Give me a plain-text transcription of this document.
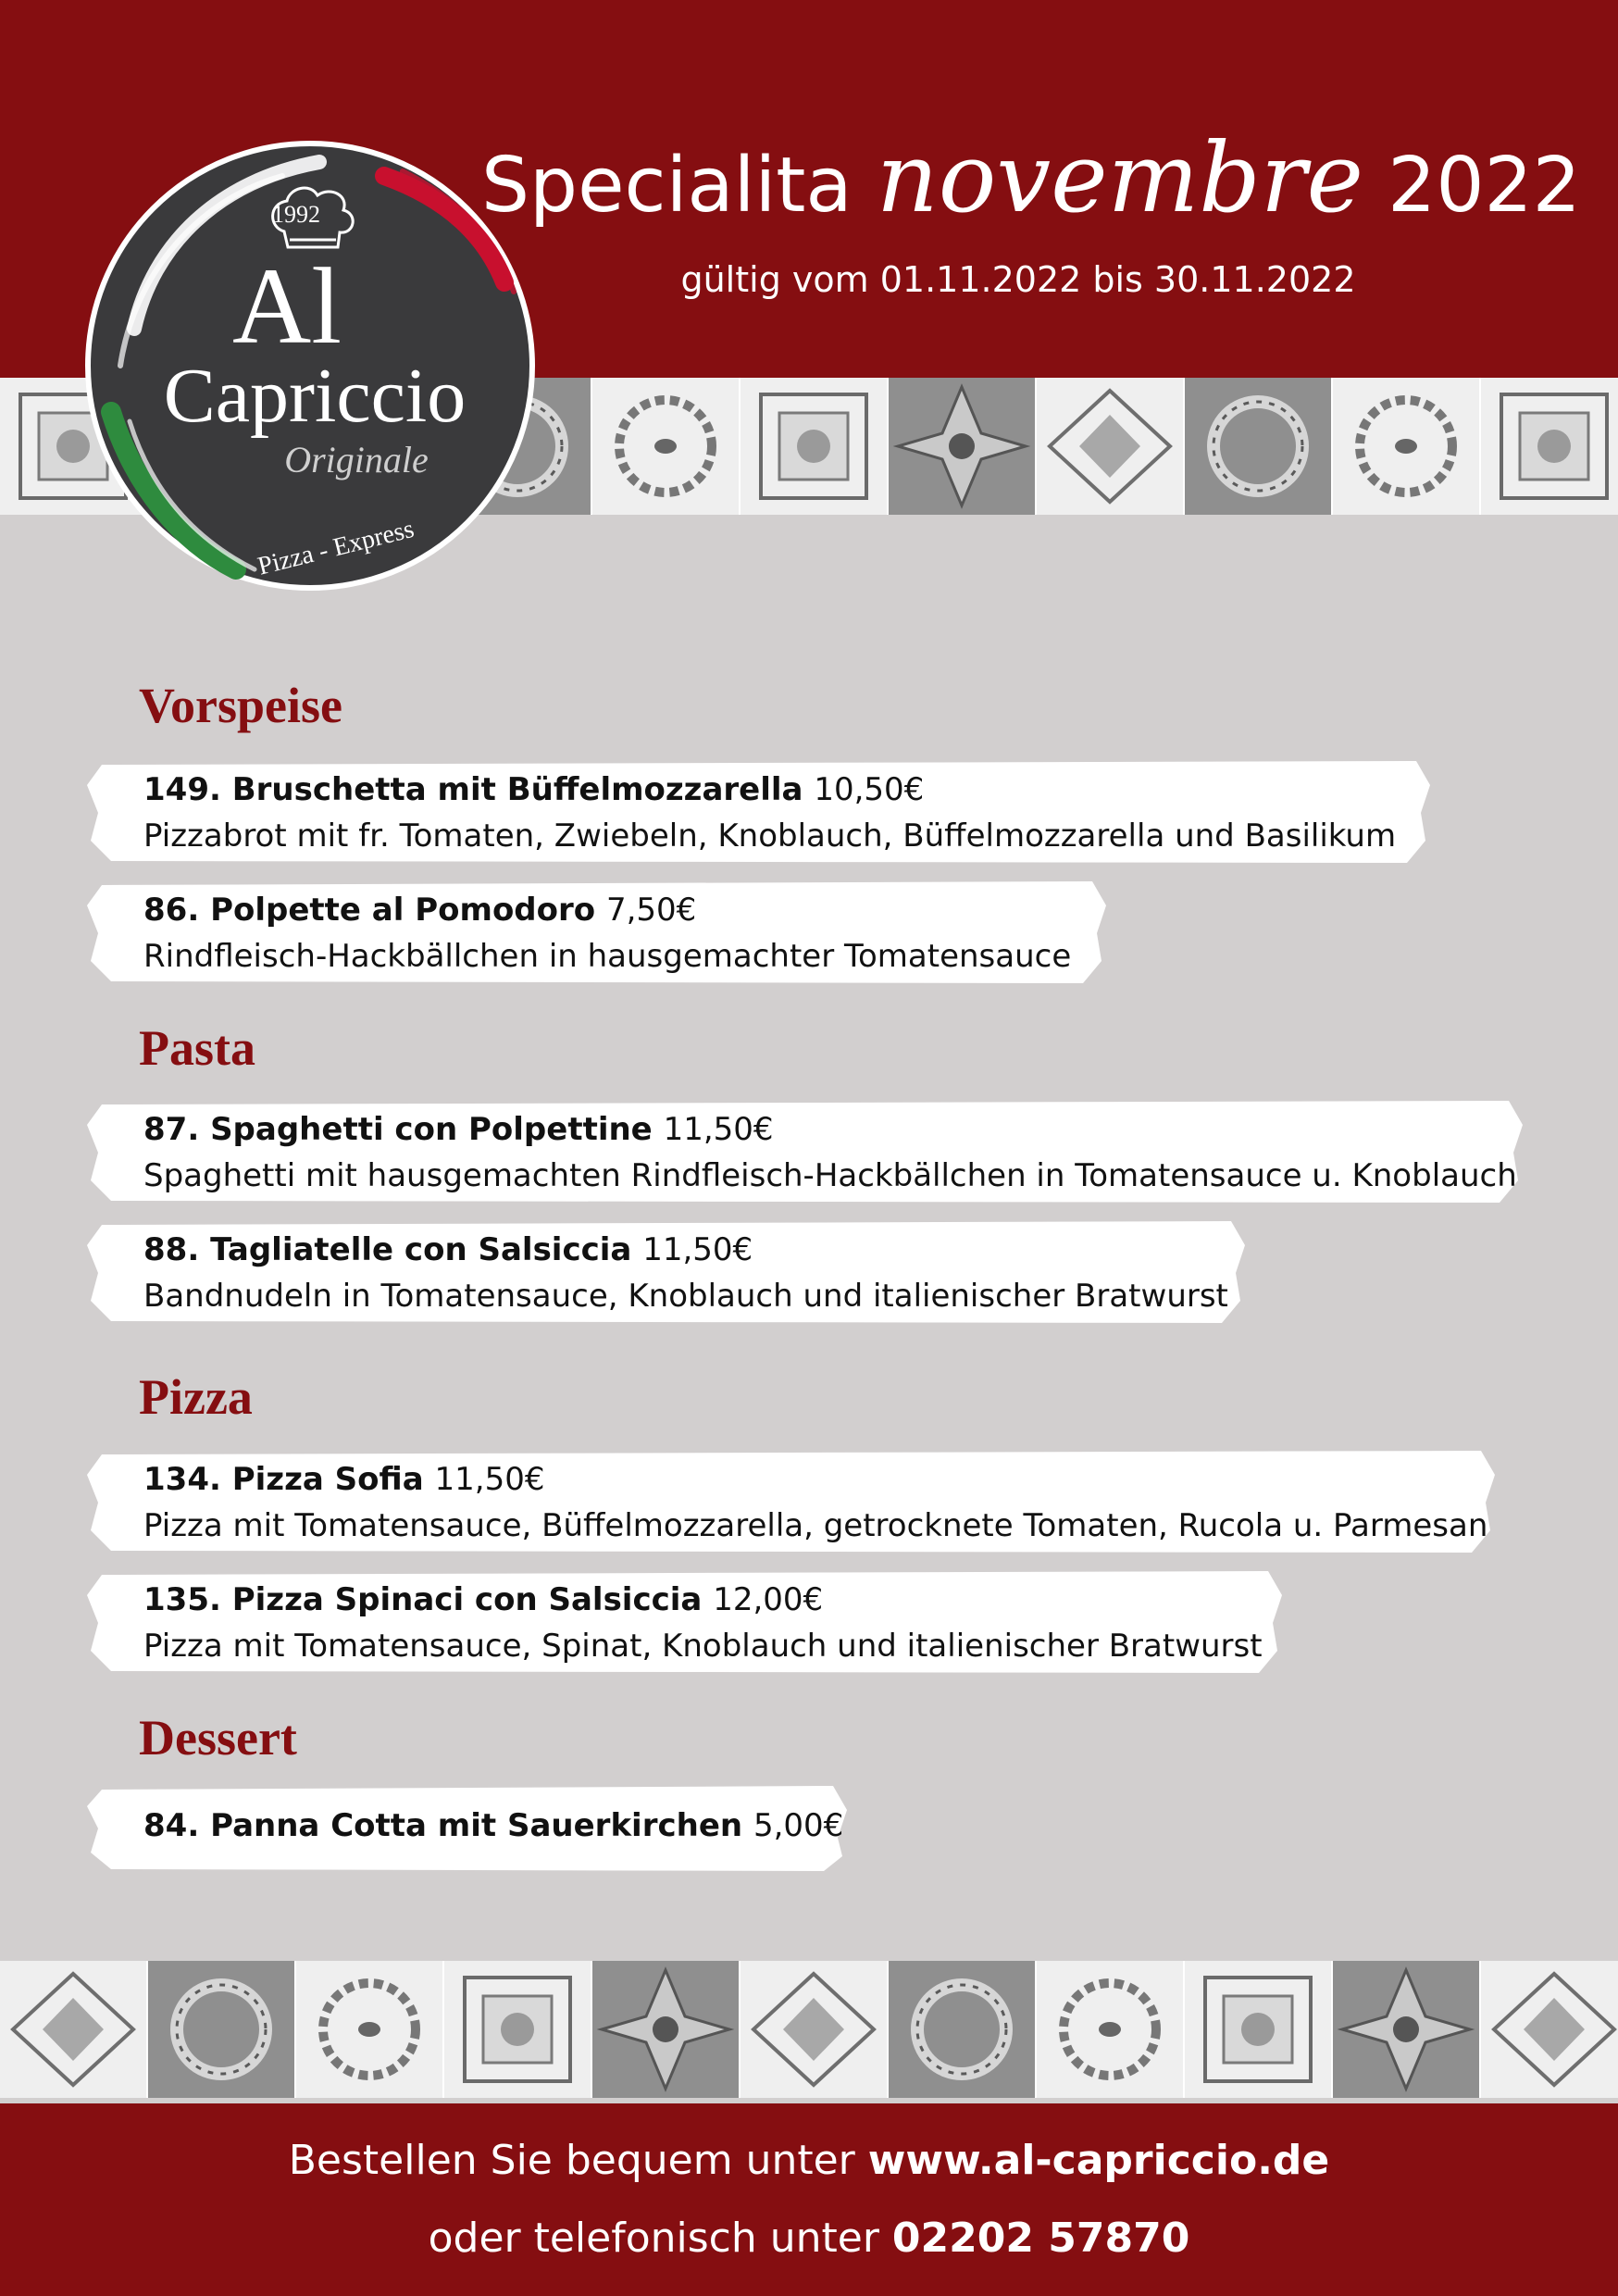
Specialita novembre 2022
gültig vom 01.11.2022 bis 30.11.2022
1992
Al
Capriccio
Originale
Pizza - Express
Vorspeise
149. Bruschetta mit Büffelmozzarella 10,50€
Pizzabrot mit fr. Tomaten, Zwiebeln, Knoblauch, Büffelmozzarella und Basilikum
86. Polpette al Pomodoro 7,50€
Rindfleisch-Hackbällchen in hausgemachter Tomatensauce
Pasta
87. Spaghetti con Polpettine 11,50€
Spaghetti mit hausgemachten Rindfleisch-Hackbällchen in Tomatensauce u. Knoblauch
88. Tagliatelle con Salsiccia 11,50€
Bandnudeln in Tomatensauce, Knoblauch und italienischer Bratwurst
Pizza
134. Pizza Sofia 11,50€
Pizza mit Tomatensauce, Büffelmozzarella, getrocknete Tomaten, Rucola u. Parmesan
135. Pizza Spinaci con Salsiccia 12,00€
Pizza mit Tomatensauce, Spinat, Knoblauch und italienischer Bratwurst
Dessert
84. Panna Cotta mit Sauerkirchen 5,00€
Bestellen Sie bequem unter www.al-capriccio.de
oder telefonisch unter 02202 57870
